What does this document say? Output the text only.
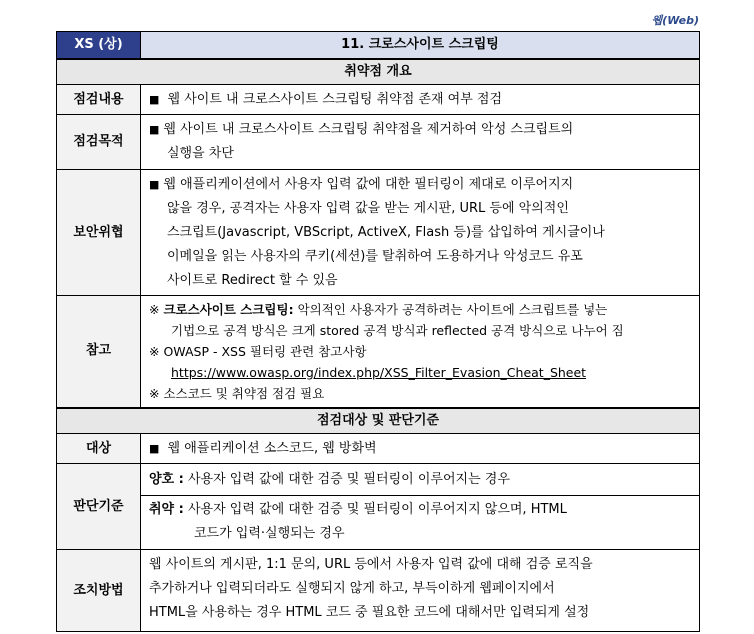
웹(Web)
XS (상)	11. 크로스사이트 스크립팅
취약점 개요	
점검내용	■ 웹 사이트 내 크로스사이트 스크립팅 취약점 존재 여부 점검
점검목적	■ 웹 사이트 내 크로스사이트 스크립팅 취약점을 제거하여 악성 스크립트의
실행을 차단

보안위협	■ 웹 애플리케이션에서 사용자 입력 값에 대한 필터링이 제대로 이루어지지
않을 경우, 공격자는 사용자 입력 값을 받는 게시판, URL 등에 악의적인
스크립트(Javascript, VBScript, ActiveX, Flash 등)를 삽입하여 게시글이나
이메일을 읽는 사용자의 쿠키(세션)를 탈취하여 도용하거나 악성코드 유포
사이트로 Redirect 할 수 있음

참고	※ 크로스사이트 스크립팅: 악의적인 사용자가 공격하려는 사이트에 스크립트를 넣는
기법으로 공격 방식은 크게 stored 공격 방식과 reflected 공격 방식으로 나누어 짐
※ OWASP - XSS 필터링 관련 참고사항
https://www.owasp.org/index.php/XSS_Filter_Evasion_Cheat_Sheet
※ 소스코드 및 취약점 점검 필요

점검대상 및 판단기준	
대상	■ 웹 애플리케이션 소스코드, 웹 방화벽
판단기준	양호 : 사용자 입력 값에 대한 검증 및 필터링이 이루어지는 경우
취약 : 사용자 입력 값에 대한 검증 및 필터링이 이루어지지 않으며, HTML
코드가 입력·실행되는 경우

조치방법	웹 사이트의 게시판, 1:1 문의, URL 등에서 사용자 입력 값에 대해 검증 로직을
추가하거나 입력되더라도 실행되지 않게 하고, 부득이하게 웹페이지에서
HTML을 사용하는 경우 HTML 코드 중 필요한 코드에 대해서만 입력되게 설정
